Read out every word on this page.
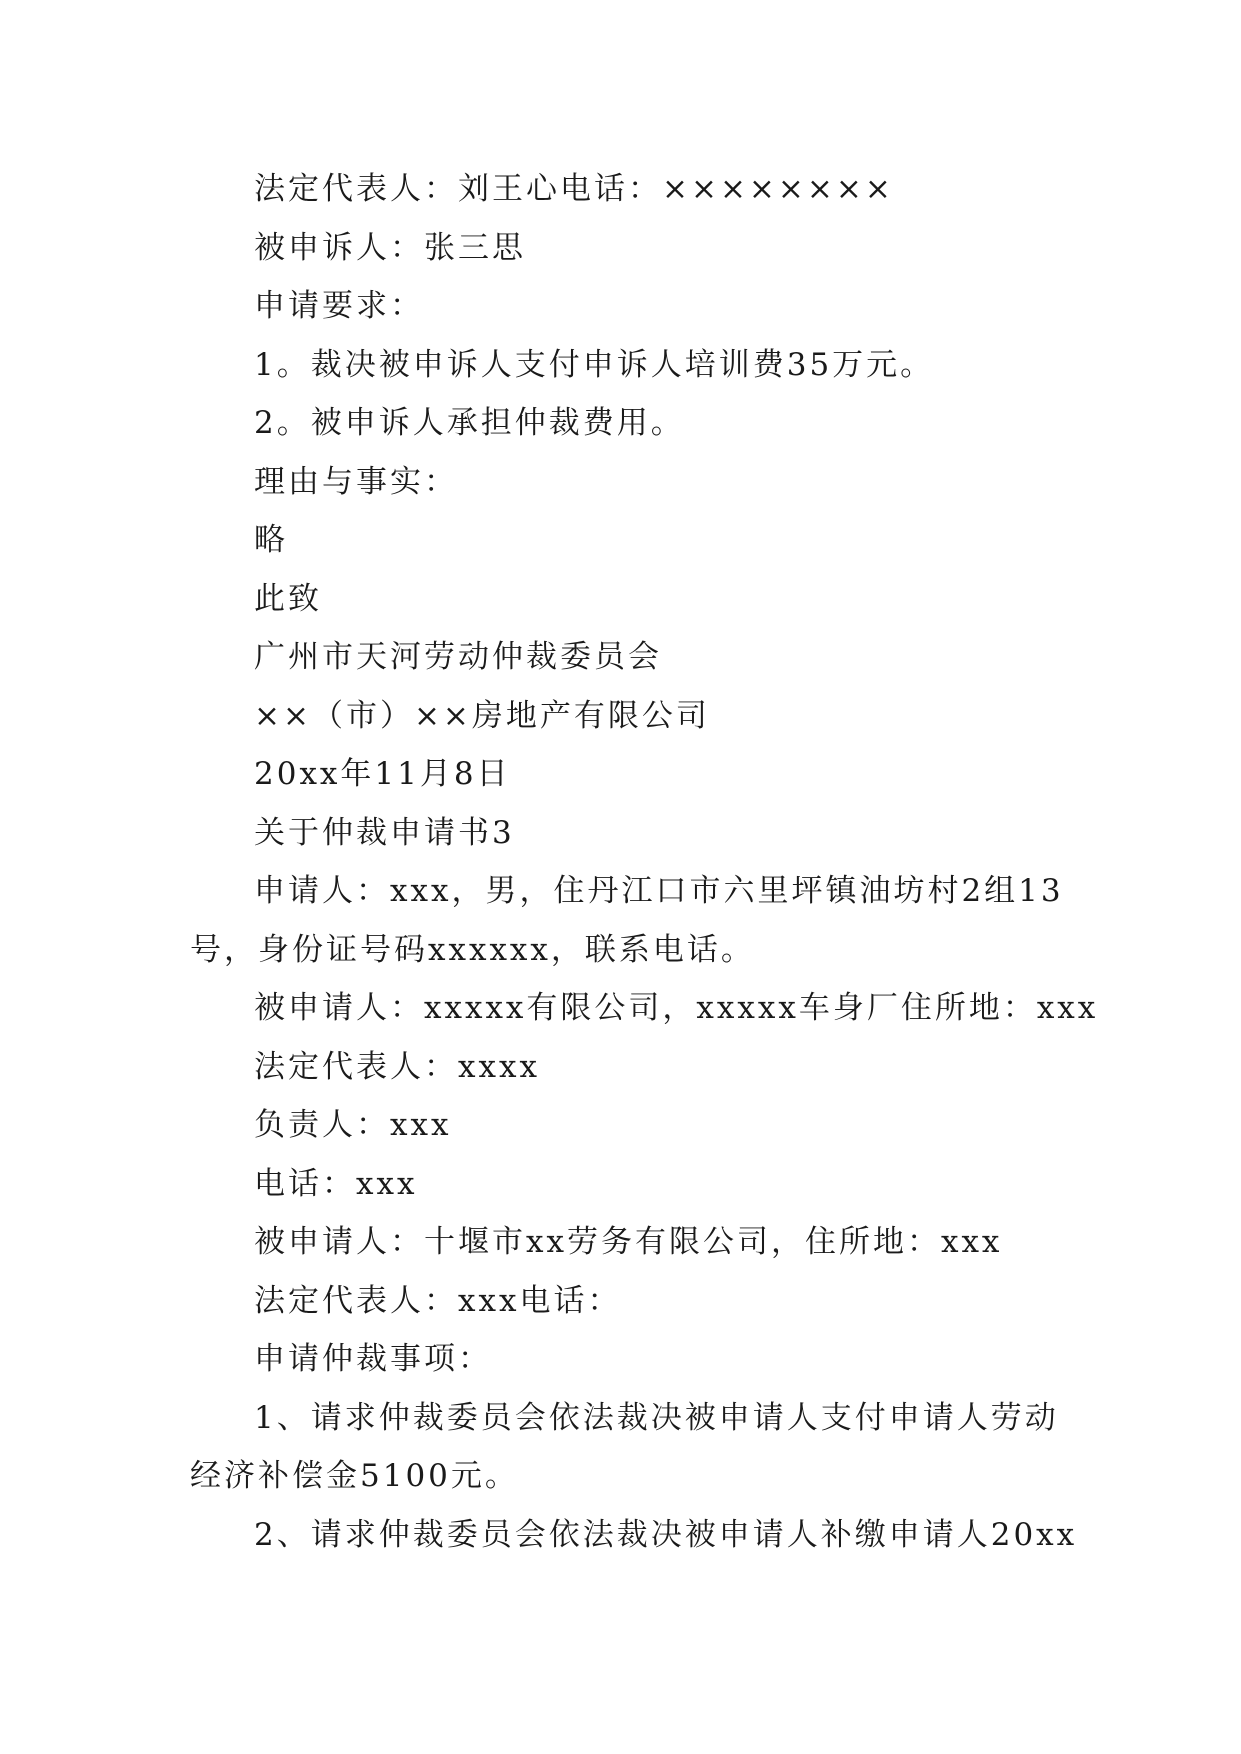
法定代表人：刘王心电话：××××××××
被申诉人：张三思
申请要求：
1。裁决被申诉人支付申诉人培训费35万元。
2。被申诉人承担仲裁费用。
理由与事实：
略
此致
广州市天河劳动仲裁委员会
××（市）××房地产有限公司
20xx年11月8日
关于仲裁申请书3
申请人：xxx，男，住丹江口市六里坪镇油坊村2组13
号，身份证号码xxxxxx，联系电话。
被申请人：xxxxx有限公司，xxxxx车身厂住所地：xxx
法定代表人：xxxx
负责人：xxx
电话：xxx
被申请人：十堰市xx劳务有限公司，住所地：xxx
法定代表人：xxx电话：
申请仲裁事项：
1、请求仲裁委员会依法裁决被申请人支付申请人劳动
经济补偿金5100元。
2、请求仲裁委员会依法裁决被申请人补缴申请人20xx
